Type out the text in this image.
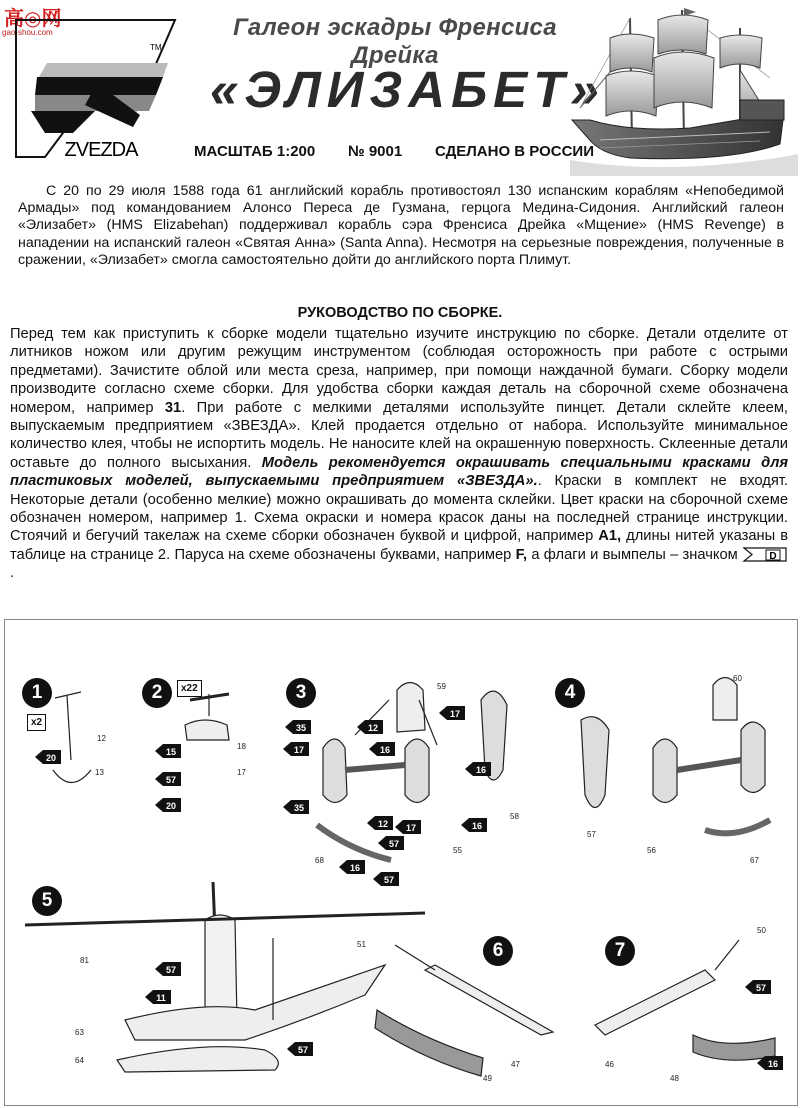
高◎网
gao-shou.com
ZVEZDA
TM
Галеон эскадры Френсиса Дрейка
«ЭЛИЗАБЕТ»
МАСШТАБ 1:200 № 9001 СДЕЛАНО В РОССИИ
С 20 по 29 июля 1588 года 61 английский корабль противостоял 130 испанским кораблям «Непобедимой Армады» под командованием Алонсо Переса де Гузмана, герцога Медина-Сидония. Английский галеон «Элизабет» (HMS Elizabehan) поддерживал корабль сэра Френсиса Дрейка «Мщение» (HMS Revenge) в нападении на испанский галеон «Святая Анна» (Santa Anna). Несмотря на серьезные повреждения, полученные в сражении, «Элизабет» смогла самостоятельно дойти до английского порта Плимут.
РУКОВОДСТВО ПО СБОРКЕ.
Перед тем как приступить к сборке модели тщательно изучите инструкцию по сборке. Детали отделите от литников ножом или другим режущим инструментом (соблюдая осторожность при работе с острыми предметами). Зачистите облой или места среза, например, при помощи наждачной бумаги. Сборку модели производите согласно схеме сборки. Для удобства сборки каждая деталь на сборочной схеме обозначена номером, например 31. При работе с мелкими деталями используйте пинцет. Детали склейте клеем, выпускаемым предприятием «ЗВЕЗДА». Клей продается отдельно от набора. Используйте минимальное количество клея, чтобы не испортить модель. Не наносите клей на окрашенную поверхность. Склеенные детали оставьте до полного высыхания. Модель рекомендуется окрашивать специальными красками для пластиковых моделей, выпускаемыми предприятием «ЗВЕЗДА».. Краски в комплект не входят. Некоторые детали (особенно мелкие) можно окрашивать до момента склейки. Цвет краски на сборочной схеме обозначен номером, например 1. Схема окраски и номера красок даны на последней странице инструкции. Стоячий и бегучий такелаж на схеме сборки обозначен буквой и цифрой, например А1, длины нитей указаны в таблице на странице 2. Паруса на схеме обозначены буквами, например F, а флаги и вымпелы – значком	D
.
1	2	3	4
5
6	7
x2
x22
12
13
18
17
59
58
68
55
60
57
56
67
81
63
64
51
47
49
50
46
48
20
15
57
20
35
17
12
16
35
12
17
16
57
17	16
16
57
57
11
57
57
16
